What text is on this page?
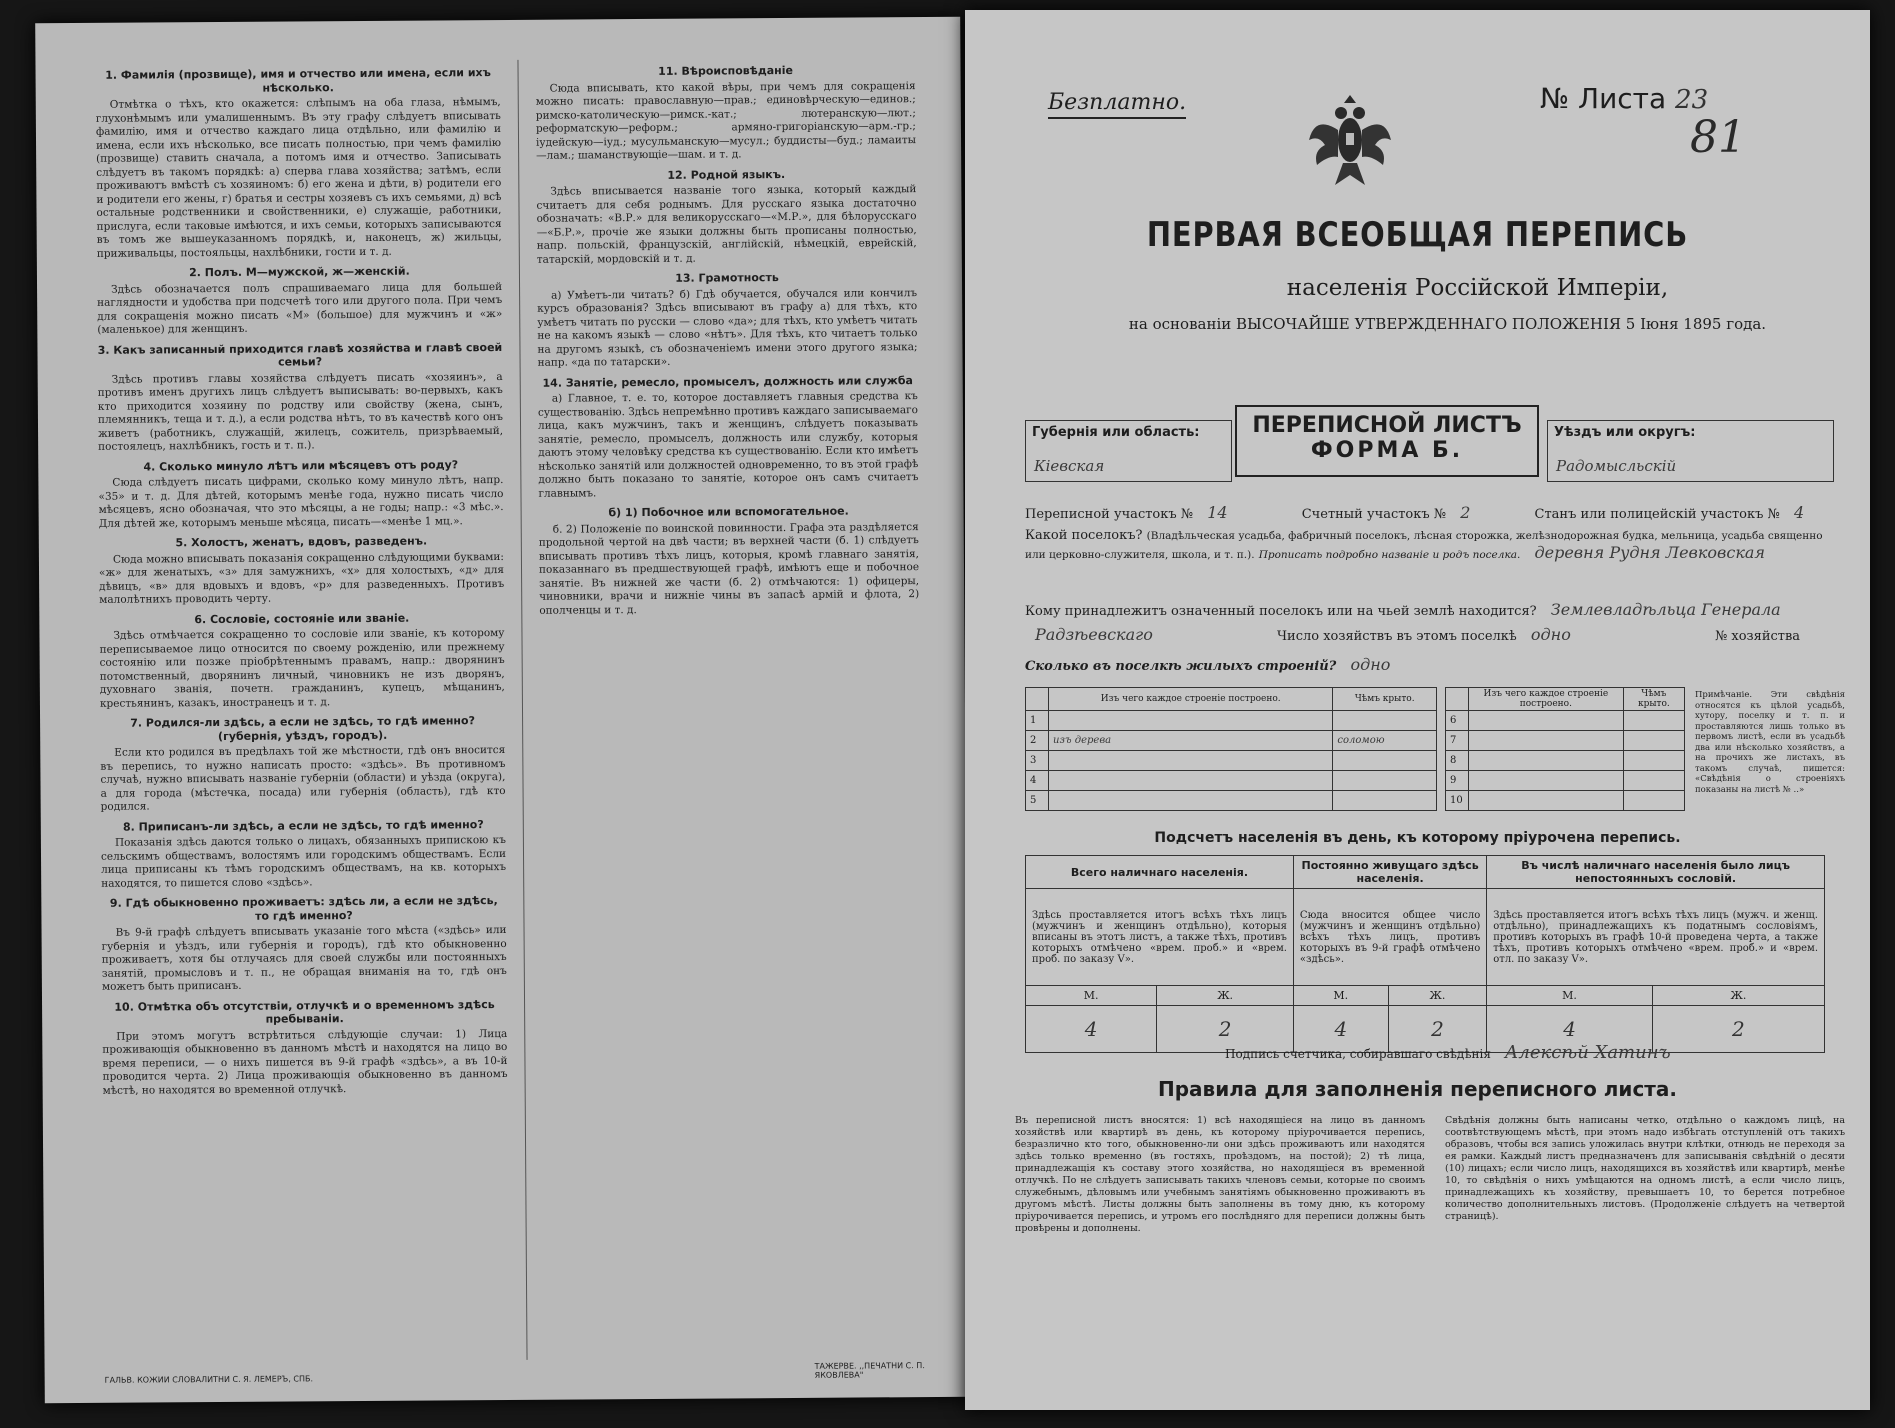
1. Фамилія (прозвище), имя и отчество или имена, если ихъ нѣсколько.

Отмѣтка о тѣхъ, кто окажется: слѣпымъ на оба глаза, нѣмымъ, глухонѣмымъ или умалишеннымъ. Въ эту графу слѣдуетъ вписывать фамилію, имя и отчество каждаго лица отдѣльно, или фамилію и имена, если ихъ нѣсколько, все писать полностью, при чемъ фамилію (прозвище) ставить сначала, а потомъ имя и отчество. Записывать слѣдуетъ въ такомъ порядкѣ: а) сперва глава хозяйства; затѣмъ, если проживаютъ вмѣстѣ съ хозяиномъ: б) его жена и дѣти, в) родители его и родители его жены, г) братья и сестры хозяевъ съ ихъ семьями, д) всѣ остальные родственники и свойственники, е) служащіе, работники, прислуга, если таковые имѣются, и ихъ семьи, которыхъ записываются въ томъ же вышеуказанномъ порядкѣ, и, наконецъ, ж) жильцы, приживальцы, постояльцы, нахлѣбники, гости и т. д.

2. Полъ. М—мужской, ж—женскій.

Здѣсь обозначается полъ спрашиваемаго лица для большей наглядности и удобства при подсчетѣ того или другого пола. При чемъ для сокращенія можно писать «М» (большое) для мужчинъ и «ж» (маленькое) для женщинъ.

3. Какъ записанный приходится главѣ хозяйства и главѣ своей семьи?

Здѣсь противъ главы хозяйства слѣдуетъ писать «хозяинъ», а противъ именъ другихъ лицъ слѣдуетъ выписывать: во-первыхъ, какъ кто приходится хозяину по родству или свойству (жена, сынъ, племянникъ, теща и т. д.), а если родства нѣтъ, то въ качествѣ кого онъ живетъ (работникъ, служащій, жилецъ, сожитель, призрѣваемый, постоялецъ, нахлѣбникъ, гость и т. п.).

4. Сколько минуло лѣтъ или мѣсяцевъ отъ роду?

Сюда слѣдуетъ писать цифрами, сколько кому минуло лѣтъ, напр. «35» и т. д. Для дѣтей, которымъ менѣе года, нужно писать число мѣсяцевъ, ясно обозначая, что это мѣсяцы, а не годы; напр.: «3 мѣс.». Для дѣтей же, которымъ меньше мѣсяца, писать—«менѣе 1 мц.».

5. Холостъ, женатъ, вдовъ, разведенъ.

Сюда можно вписывать показанія сокращенно слѣдующими буквами: «ж» для женатыхъ, «з» для замужнихъ, «х» для холостыхъ, «д» для дѣвицъ, «в» для вдовыхъ и вдовъ, «р» для разведенныхъ. Противъ малолѣтнихъ проводить черту.

6. Сословіе, состояніе или званіе.

Здѣсь отмѣчается сокращенно то сословіе или званіе, къ которому переписываемое лицо относится по своему рожденію, или прежнему состоянію или позже пріобрѣтеннымъ правамъ, напр.: дворянинъ потомственный, дворянинъ личный, чиновникъ не изъ дворянъ, духовнаго званія, почетн. гражданинъ, купецъ, мѣщанинъ, крестьянинъ, казакъ, иностранецъ и т. д.

7. Родился-ли здѣсь, а если не здѣсь, то гдѣ именно? (губернія, уѣздъ, городъ).

Если кто родился въ предѣлахъ той же мѣстности, гдѣ онъ вносится въ перепись, то нужно написать просто: «здѣсь». Въ противномъ случаѣ, нужно вписывать названіе губерніи (области) и уѣзда (округа), а для города (мѣстечка, посада) или губернія (область), гдѣ кто родился.

8. Приписанъ-ли здѣсь, а если не здѣсь, то гдѣ именно?

Показанія здѣсь даются только о лицахъ, обязанныхъ припискою къ сельскимъ обществамъ, волостямъ или городскимъ обществамъ. Если лица приписаны къ тѣмъ городскимъ обществамъ, на кв. которыхъ находятся, то пишется слово «здѣсь».

9. Гдѣ обыкновенно проживаетъ: здѣсь ли, а если не здѣсь, то гдѣ именно?

Въ 9-й графѣ слѣдуетъ вписывать указаніе того мѣста («здѣсь» или губернія и уѣздъ, или губернія и городъ), гдѣ кто обыкновенно проживаетъ, хотя бы отлучаясь для своей службы или постоянныхъ занятій, промысловъ и т. п., не обращая вниманія на то, гдѣ онъ можетъ быть приписанъ.

10. Отмѣтка объ отсутствіи, отлучкѣ и о временномъ здѣсь пребываніи.

При этомъ могутъ встрѣтиться слѣдующіе случаи: 1) Лица проживающія обыкновенно въ данномъ мѣстѣ и находятся на лицо во время переписи, — о нихъ пишется въ 9-й графѣ «здѣсь», а въ 10-й проводится черта. 2) Лица проживающія обыкновенно въ данномъ мѣстѣ, но находятся во временной отлучкѣ.

11. Вѣроисповѣданіе

Сюда вписывать, кто какой вѣры, при чемъ для сокращенія можно писать: православную—прав.; единовѣрческую—единов.; римско-католическую—римск.-кат.; лютеранскую—лют.; реформатскую—реформ.; армяно-григоріанскую—арм.-гр.; іудейскую—іуд.; мусульманскую—мусул.; буддисты—буд.; ламаиты—лам.; шаманствующіе—шам. и т. д.

12. Родной языкъ.

Здѣсь вписывается названіе того языка, который каждый считаетъ для себя роднымъ. Для русскаго языка достаточно обозначать: «В.Р.» для великорусскаго—«М.Р.», для бѣлорусскаго—«Б.Р.», прочіе же языки должны быть прописаны полностью, напр. польскій, французскій, англійскій, нѣмецкій, еврейскій, татарскій, мордовскій и т. д.

13. Грамотность

а) Умѣетъ-ли читать? б) Гдѣ обучается, обучался или кончилъ курсъ образованія? Здѣсь вписывают въ графу а) для тѣхъ, кто умѣетъ читать по русски — слово «да»; для тѣхъ, кто умѣетъ читать не на какомъ языкѣ — слово «нѣтъ». Для тѣхъ, кто читаетъ только на другомъ языкѣ, съ обозначеніемъ имени этого другого языка; напр. «да по татарски».

14. Занятіе, ремесло, промыселъ, должность или служба

а) Главное, т. е. то, которое доставляетъ главныя средства къ существованію. Здѣсь непремѣнно противъ каждаго записываемаго лица, какъ мужчинъ, такъ и женщинъ, слѣдуетъ показывать занятіе, ремесло, промыселъ, должность или службу, которыя даютъ этому человѣку средства къ существованію. Если кто имѣетъ нѣсколько занятій или должностей одновременно, то въ этой графѣ должно быть показано то занятіе, которое онъ самъ считаетъ главнымъ.

б) 1) Побочное или вспомогательное.

б. 2) Положеніе по воинской повинности. Графа эта раздѣляется продольной чертой на двѣ части; въ верхней части (б. 1) слѣдуетъ вписывать противъ тѣхъ лицъ, которыя, кромѣ главнаго занятія, показаннаго въ предшествующей графѣ, имѣютъ еще и побочное занятіе. Въ нижней же части (б. 2) отмѣчаются: 1) офицеры, чиновники, врачи и нижніе чины въ запасѣ армій и флота, 2) ополченцы и т. д.

ГАЛЬВ. КОЖИИ СЛОВАЛИТНИ С. Я. ЛЕМЕРЪ, СПБ.
ТАЖЕРВЕ. ,,ПЕЧАТНИ С. П. ЯКОВЛЕВА"
Безплатно.	№ Листа 23
81
ПЕРВАЯ ВСЕОБЩАЯ ПЕРЕПИСЬ
населенія Россійской Имперіи,
на основаніи ВЫСОЧАЙШЕ УТВЕРЖДЕННАГО ПОЛОЖЕНІЯ 5 Іюня 1895 года.
Губернія или область:
Кіевская
ПЕРЕПИСНОЙ ЛИСТЪ
ФОРМА Б.
Уѣздъ или округъ:
Радомысльскій
Переписной участокъ № 14	Счетный участокъ № 2	Станъ или полицейскій участокъ № 4
Какой поселокъ? (Владѣльческая усадьба, фабричный поселокъ, лѣсная сторожка, желѣзнодорожная будка, мельница, усадьба священно или церковно-служителя, школа, и т. п.). Прописать подробно названіе и родъ поселка. деревня Рудня Левковская
Кому принадлежитъ означенный поселокъ или на чьей землѣ находится? Землевладѣльца Генерала
Радзѣевскаго	Число хозяйствъ въ этомъ поселкѣ одно	№ хозяйства
Сколько въ поселкѣ жилыхъ строеній? одно
	Изъ чего каждое строеніе построено.	Чѣмъ крыто.
1		
2	изъ дерева	соломою
3		
4		
5		
	Изъ чего каждое строеніе построено.	Чѣмъ крыто.
6		
7		
8		
9		
10		
Примѣчаніе. Эти свѣдѣнія относятся къ цѣлой усадьбѣ, хутору, поселку и т. п. и проставляются лишь только въ первомъ листѣ, если въ усадьбѣ два или нѣсколько хозяйствъ, а на прочихъ же листахъ, въ такомъ случаѣ, пишется: «Свѣдѣнія о строеніяхъ показаны на листѣ № ..»
Подсчетъ населенія въ день, къ которому пріурочена перепись.
Всего наличнаго населенія.		Постоянно живущаго здѣсь населенія.		Въ числѣ наличнаго населенія было лицъ непостоянныхъ сословій.	
Здѣсь проставляется итогъ всѣхъ тѣхъ лицъ (мужчинъ и женщинъ отдѣльно), которыя вписаны въ этотъ листъ, а также тѣхъ, противъ которыхъ отмѣчено «врем. проб.» и «врем. проб. по заказу V».		Сюда вносится общее число (мужчинъ и женщинъ отдѣльно) всѣхъ тѣхъ лицъ, противъ которыхъ въ 9-й графѣ отмѣчено «здѣсь».		Здѣсь проставляется итогъ всѣхъ тѣхъ лицъ (мужч. и женщ. отдѣльно), принадлежащихъ къ податнымъ сословіямъ, противъ которыхъ въ графѣ 10-й проведена черта, а также тѣхъ, противъ которыхъ отмѣчено «врем. проб.» и «врем. отл. по заказу V».	
М.	Ж.	М.	Ж.	М.	Ж.
4	2	4	2	4	2
Подпись счетчика, собиравшаго свѣдѣнія Алексѣй Хатинъ
Правила для заполненія переписного листа.
Въ переписной листъ вносятся: 1) всѣ находящіеся на лицо въ данномъ хозяйствѣ или квартирѣ въ день, къ которому пріурочивается перепись, безразлично кто того, обыкновенно-ли они здѣсь проживаютъ или находятся здѣсь только временно (въ гостяхъ, проѣздомъ, на постой); 2) тѣ лица, принадлежащія къ составу этого хозяйства, но находящіеся въ временной отлучкѣ. По не слѣдуетъ записывать такихъ членовъ семьи, которые по своимъ служебнымъ, дѣловымъ или учебнымъ занятіямъ обыкновенно проживаютъ въ другомъ мѣстѣ. Листы должны быть заполнены въ тому дню, къ которому пріурочивается перепись, и утромъ его послѣдняго для переписи должны быть провѣрены и дополнены.
Свѣдѣнія должны быть написаны четко, отдѣльно о каждомъ лицѣ, на соотвѣтствующемъ мѣстѣ, при этомъ надо избѣгать отступленій отъ такихъ образовъ, чтобы вся запись уложилась внутри клѣтки, отнюдь не переходя за ея рамки. Каждый листъ предназначенъ для записыванія свѣдѣній о десяти (10) лицахъ; если число лицъ, находящихся въ хозяйствѣ или квартирѣ, менѣе 10, то свѣдѣнія о нихъ умѣщаются на одномъ листѣ, а если число лицъ, принадлежащихъ къ хозяйству, превышаетъ 10, то берется потребное количество дополнительныхъ листовъ. (Продолженіе слѣдуетъ на четвертой страницѣ).
